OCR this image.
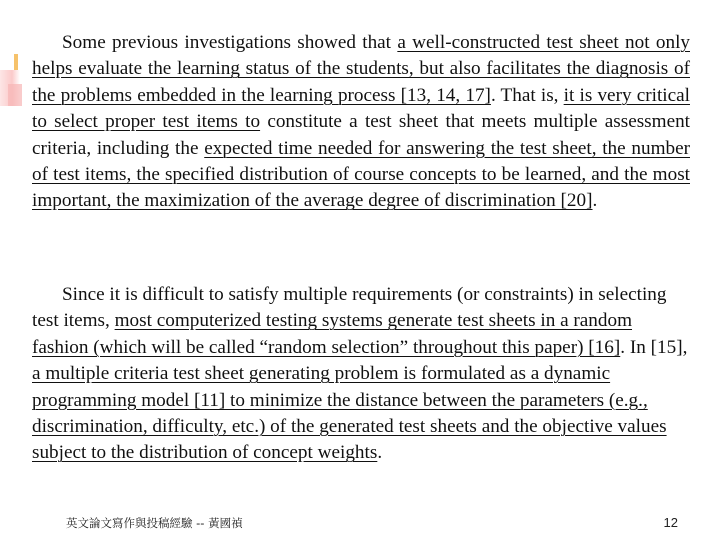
Some previous investigations showed that a well-constructed test sheet not only helps evaluate the learning status of the students, but also facilitates the diagnosis of the problems embedded in the learning process [13, 14, 17]. That is, it is very critical to select proper test items to constitute a test sheet that meets multiple assessment criteria, including the expected time needed for answering the test sheet, the number of test items, the specified distribution of course concepts to be learned, and the most important, the maximization of the average degree of discrimination [20].
Since it is difficult to satisfy multiple requirements (or constraints) in selecting test items, most computerized testing systems generate test sheets in a random fashion (which will be called “random selection” throughout this paper) [16]. In [15], a multiple criteria test sheet generating problem is formulated as a dynamic programming model [11] to minimize the distance between the parameters (e.g., discrimination, difficulty, etc.) of the generated test sheets and the objective values subject to the distribution of concept weights.
英文論文寫作與投稿經驗 -- 黃國禎	12
